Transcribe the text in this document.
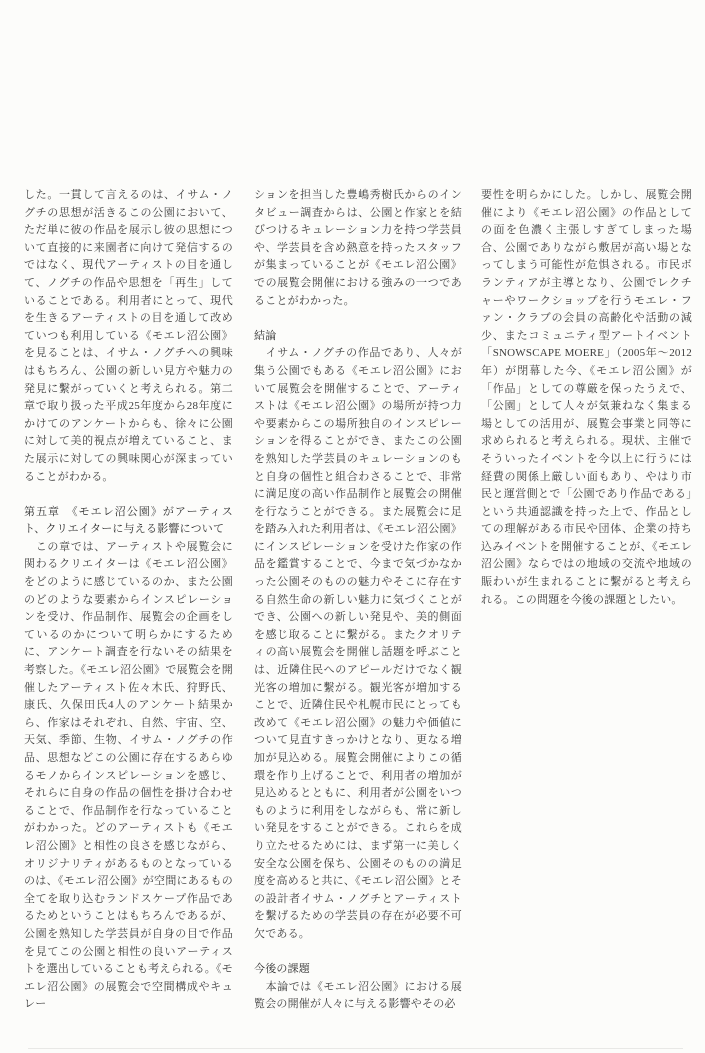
した。一貫して言えるのは、イサム・ノグチの思想が活きるこの公園において、ただ単に彼の作品を展示し彼の思想について直接的に来園者に向けて発信するのではなく、現代アーティストの目を通して、ノグチの作品や思想を「再生」していることである。利用者にとって、現代を生きるアーティストの目を通して改めていつも利用している《モエレ沼公園》を見ることは、イサム・ノグチへの興味はもちろん、公園の新しい見方や魅力の発見に繫がっていくと考えられる。第二章で取り扱った平成25年度から28年度にかけてのアンケートからも、徐々に公園に対して美的視点が増えていること、また展示に対しての興味関心が深まっていることがわかる。

第五章　《モエレ沼公園》がアーティスト、クリエイターに与える影響について

　この章では、アーティストや展覧会に関わるクリエイターは《モエレ沼公園》をどのように感じているのか、また公園のどのような要素からインスピレーションを受け、作品制作、展覧会の企画をしているのかについて明らかにするために、アンケート調査を行ないその結果を考察した。《モエレ沼公園》で展覧会を開催したアーティスト佐々木氏、狩野氏、康氏、久保田氏4人のアンケート結果から、作家はそれぞれ、自然、宇宙、空、天気、季節、生物、イサム・ノグチの作品、思想などこの公園に存在するあらゆるモノからインスピレーションを感じ、それらに自身の作品の個性を掛け合わせることで、作品制作を行なっていることがわかった。どのアーティストも《モエレ沼公園》と相性の良さを感じながら、オリジナリティがあるものとなっているのは、《モエレ沼公園》が空間にあるもの全てを取り込むランドスケープ作品であるためということはもちろんであるが、公園を熟知した学芸員が自身の目で作品を見てこの公園と相性の良いアーティストを選出していることも考えられる。《モエレ沼公園》の展覧会で空間構成やキュレー

ションを担当した豊嶋秀樹氏からのインタビュー調査からは、公園と作家とを結びつけるキュレーション力を持つ学芸員や、学芸員を含め熱意を持ったスタッフが集まっていることが《モエレ沼公園》での展覧会開催における強みの一つであることがわかった。

結論

　イサム・ノグチの作品であり、人々が集う公園でもある《モエレ沼公園》において展覧会を開催することで、アーティストは《モエレ沼公園》の場所が持つ力や要素からこの場所独自のインスピレーションを得ることができ、またこの公園を熟知した学芸員のキュレーションのもと自身の個性と組合わさることで、非常に満足度の高い作品制作と展覧会の開催を行なうことができる。また展覧会に足を踏み入れた利用者は、《モエレ沼公園》にインスピレーションを受けた作家の作品を鑑賞することで、今まで気づかなかった公園そのものの魅力やそこに存在する自然生命の新しい魅力に気づくことができ、公園への新しい発見や、美的側面を感じ取ることに繫がる。またクオリティの高い展覧会を開催し話題を呼ぶことは、近隣住民へのアピールだけでなく観光客の増加に繫がる。観光客が増加することで、近隣住民や札幌市民にとっても改めて《モエレ沼公園》の魅力や価値について見直すきっかけとなり、更なる増加が見込める。展覧会開催によりこの循環を作り上げることで、利用者の増加が見込めるとともに、利用者が公園をいつものように利用をしながらも、常に新しい発見をすることができる。これらを成り立たせるためには、まず第一に美しく安全な公園を保ち、公園そのものの満足度を高めると共に、《モエレ沼公園》とその設計者イサム・ノグチとアーティストを繫げるための学芸員の存在が必要不可欠である。

今後の課題

　本論では《モエレ沼公園》における展覧会の開催が人々に与える影響やその必

要性を明らかにした。しかし、展覧会開催により《モエレ沼公園》の作品としての面を色濃く主張しすぎてしまった場合、公園でありながら敷居が高い場となってしまう可能性が危惧される。市民ボランティアが主導となり、公園でレクチャーやワークショップを行うモエレ・ファン・クラブの会員の高齢化や活動の減少、またコミュニティ型アートイベント「SNOWSCAPE MOERE」（2005年〜2012年）が閉幕した今、《モエレ沼公園》が「作品」としての尊厳を保ったうえで、「公園」として人々が気兼ねなく集まる場としての活用が、展覧会事業と同等に求められると考えられる。現状、主催でそういったイベントを今以上に行うには経費の関係上厳しい面もあり、やはり市民と運営側とで「公園であり作品である」という共通認識を持った上で、作品としての理解がある市民や団体、企業の持ち込みイベントを開催することが、《モエレ沼公園》ならではの地域の交流や地域の賑わいが生まれることに繫がると考えられる。この問題を今後の課題としたい。
